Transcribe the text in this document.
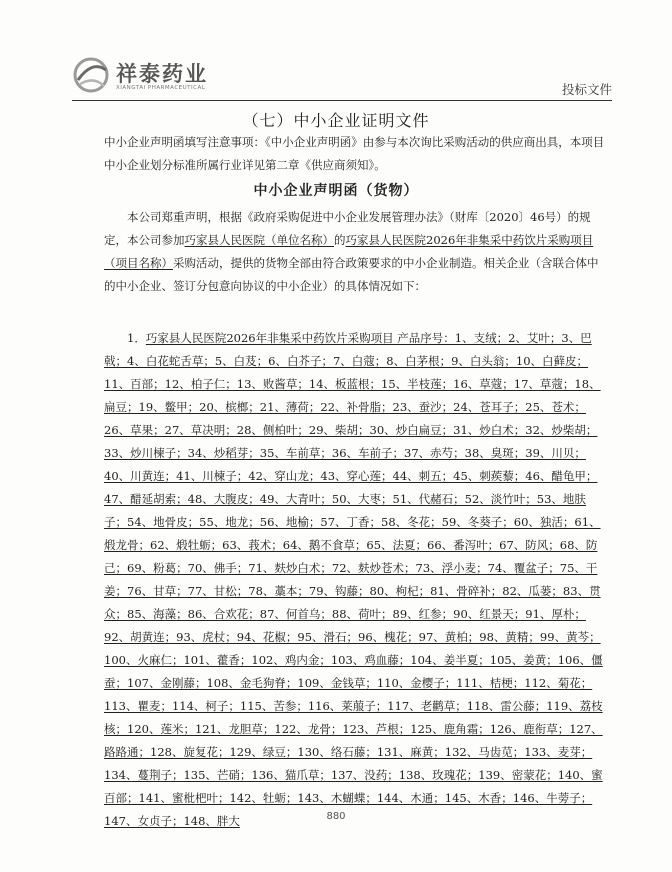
祥泰药业
XIANGTAI PHARMACEUTICAL	投标文件
（七）中小企业证明文件

中小企业声明函填写注意事项：《中小企业声明函》由参与本次询比采购活动的供应商出具，本项目中小企业划分标准所属行业详见第二章《供应商须知》。

中小企业声明函（货物）

本公司郑重声明，根据《政府采购促进中小企业发展管理办法》（财库〔2020〕46号）的规定，本公司参加巧家县人民医院（单位名称）的巧家县人民医院2026年非集采中药饮片采购项目（项目名称）采购活动，提供的货物全部由符合政策要求的中小企业制造。相关企业（含联合体中的中小企业、签订分包意向协议的中小企业）的具体情况如下：

1．巧家县人民医院2026年非集采中药饮片采购项目 产品序号：1、支绒；2、艾叶；3、巴戟；4、白花蛇舌草；5、白芨；6、白芥子；7、白蔻；8、白茅根；9、白头翁；10、白藓皮；11、百部；12、柏子仁；13、败酱草；14、板蓝根；15、半枝莲；16、草蔻；17、草蔻；18、扁豆；19、鳖甲；20、槟榔；21、薄荷；22、补骨脂；23、蚕沙；24、苍耳子；25、苍术；26、草果；27、草决明；28、侧柏叶；29、柴胡；30、炒白扁豆；31、炒白术；32、炒柴胡；33、炒川楝子；34、炒稻芽；35、车前草；36、车前子；37、赤芍；38、臭斑；39、川贝；40、川黄连；41、川楝子；42、穿山龙；43、穿心莲；44、刺五；45、刺蒺藜；46、醋龟甲；47、醋延胡索；48、大腹皮；49、大青叶；50、大枣；51、代赭石；52、淡竹叶；53、地肤子；54、地骨皮；55、地龙；56、地榆；57、丁香；58、冬花；59、冬葵子；60、独活；61、煅龙骨；62、煅牡蛎；63、莪术；64、鹅不食草；65、法夏；66、番泻叶；67、防风；68、防己；69、粉葛；70、佛手；71、麸炒白术；72、麸炒苍术；73、浮小麦；74、覆盆子；75、干姜；76、甘草；77、甘松；78、藁本；79、钩藤；80、枸杞；81、骨碎补；82、瓜蒌；83、贯众；85、海藻；86、合欢花；87、何首乌；88、荷叶；89、红参；90、红景天；91、厚朴；92、胡黄连；93、虎杖；94、花椒；95、滑石；96、槐花；97、黄柏；98、黄精；99、黄芩；100、火麻仁；101、藿香；102、鸡内金；103、鸡血藤；104、姜半夏；105、姜黄；106、僵蚕；107、金刚藤；108、金毛狗脊；109、金钱草；110、金樱子；111、桔梗；112、菊花；113、瞿麦；114、柯子；115、苦参；116、莱菔子；117、老鹳草；118、雷公藤；119、荔枝核；120、莲米；121、龙胆草；122、龙骨；123、芦根；125、鹿角霜；126、鹿衔草；127、路路通；128、旋复花；129、绿豆；130、络石藤；131、麻黄；132、马齿苋；133、麦芽；134、蔓荆子；135、芒硝；136、猫爪草；137、没药；138、玫瑰花；139、密蒙花；140、蜜百部；141、蜜枇杷叶；142、牡蛎；143、木蝴蝶；144、木通；145、木香；146、牛蒡子；147、女贞子；148、胖大	880
